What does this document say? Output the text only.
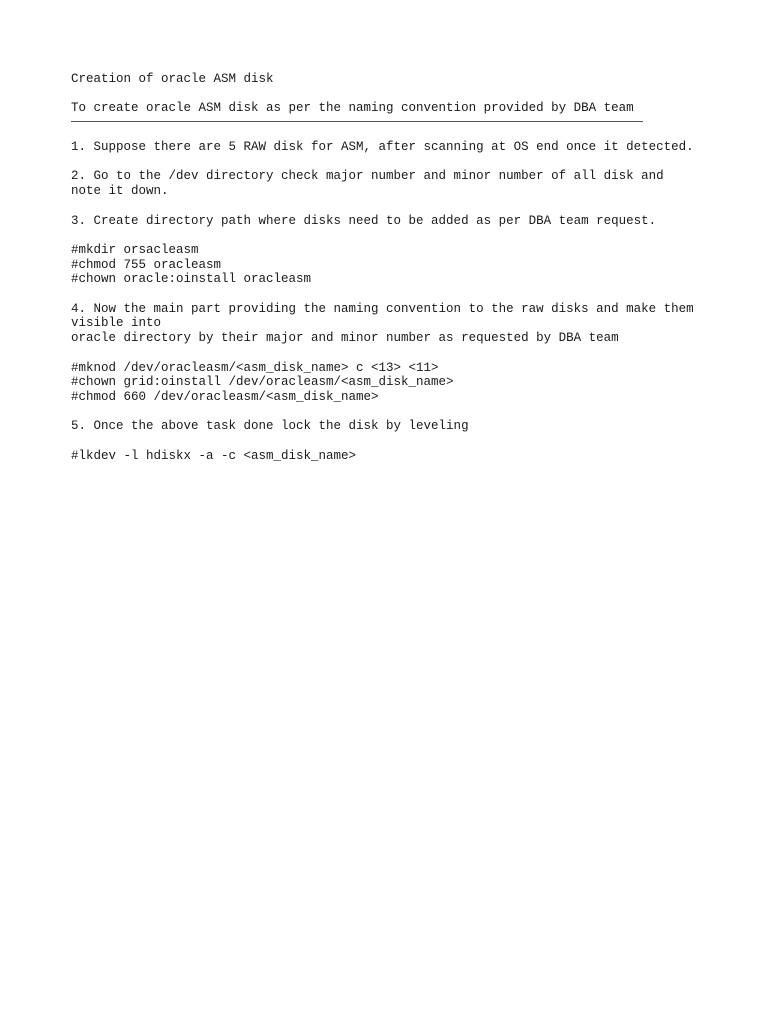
Creation of oracle ASM disk
To create oracle ASM disk as per the naming convention provided by DBA team
1. Suppose there are 5 RAW disk for ASM, after scanning at OS end once it detected.
2. Go to the /dev directory check major number and minor number of all disk and
note it down.
3. Create directory path where disks need to be added as per DBA team request.
#mkdir orsacleasm
#chmod 755 oracleasm
#chown oracle:oinstall oracleasm
4. Now the main part providing the naming convention to the raw disks and make them
visible into
oracle directory by their major and minor number as requested by DBA team
#mknod /dev/oracleasm/<asm_disk_name> c <13> <11>
#chown grid:oinstall /dev/oracleasm/<asm_disk_name>
#chmod 660 /dev/oracleasm/<asm_disk_name>
5. Once the above task done lock the disk by leveling
#lkdev -l hdiskx -a -c <asm_disk_name>
